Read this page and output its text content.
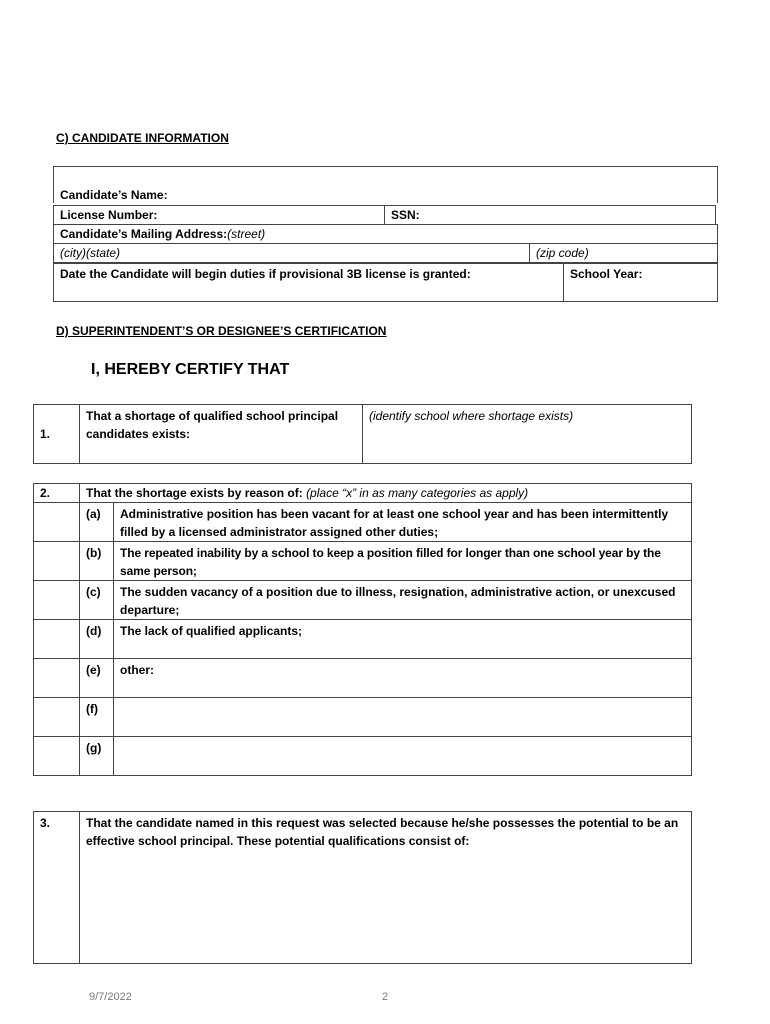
C) CANDIDATE INFORMATION
Candidate’s Name:
License Number:	SSN:
Candidate’s Mailing Address:(street)
(city)(state)	(zip code)
Date the Candidate will begin duties if provisional 3B license is granted:	School Year:
D) SUPERINTENDENT’S OR DESIGNEE’S CERTIFICATION
I, HEREBY CERTIFY THAT
1.	That a shortage of qualified school principal candidates exists:	(identify school where shortage exists)
2.	That the shortage exists by reason of: (place “x” in as many categories as apply)	
	(a)	Administrative position has been vacant for at least one school year and has been intermittently filled by a licensed administrator assigned other duties;
	(b)	The repeated inability by a school to keep a position filled for longer than one school year by the same person;
	(c)	The sudden vacancy of a position due to illness, resignation, administrative action, or unexcused departure;
	(d)	The lack of qualified applicants;
	(e)	other:
	(f)	
	(g)	
3.	That the candidate named in this request was selected because he/she possesses the potential to be an effective school principal. These potential qualifications consist of:
9/7/2022	2
